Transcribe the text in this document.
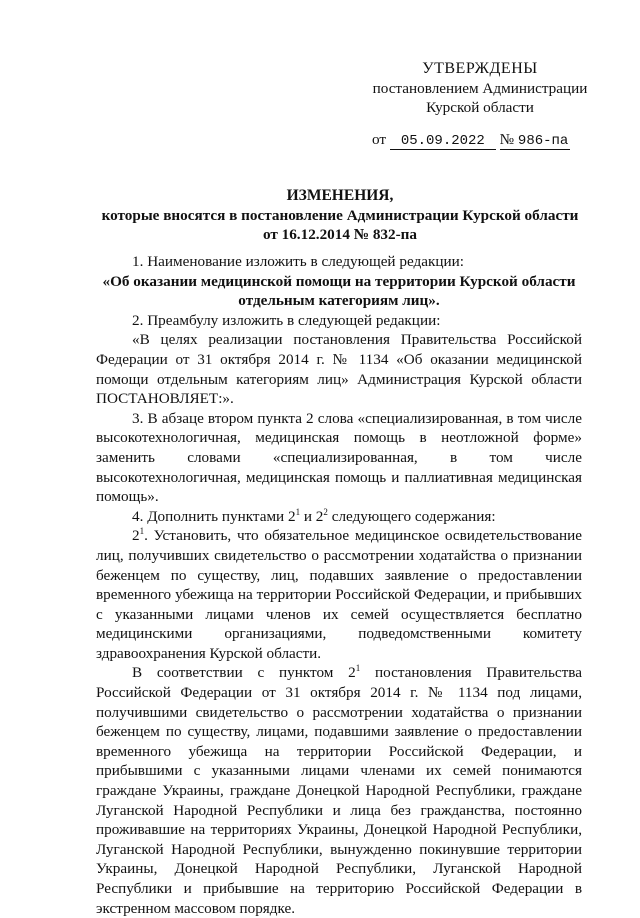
УТВЕРЖДЕНЫ
постановлением Администрации
Курской области
от 05.09.2022 № 986-па
ИЗМЕНЕНИЯ,
которые вносятся в постановление Администрации Курской области
от 16.12.2014 № 832-па

1. Наименование изложить в следующей редакции:

«Об оказании медицинской помощи на территории Курской области

отдельным категориям лиц».

2. Преамбулу изложить в следующей редакции:

«В целях реализации постановления Правительства Российской Федерации от 31 октября 2014 г. № 1134 «Об оказании медицинской помощи отдельным категориям лиц» Администрация Курской области ПОСТАНОВЛЯЕТ:».

3. В абзаце втором пункта 2 слова «специализированная, в том числе высокотехнологичная, медицинская помощь в неотложной форме» заменить словами «специализированная, в том числе высокотехнологичная, медицинская помощь и паллиативная медицинская помощь».

4. Дополнить пунктами $2^1$ и $2^2$ следующего содержания:

$2^1$. Установить, что обязательное медицинское освидетельствование лиц, получивших свидетельство о рассмотрении ходатайства о признании беженцем по существу, лиц, подавших заявление о предоставлении временного убежища на территории Российской Федерации, и прибывших с указанными лицами членов их семей осуществляется бесплатно медицинскими организациями, подведомственными комитету здравоохранения Курской области.

В соответствии с пунктом $2^1$ постановления Правительства Российской Федерации от 31 октября 2014 г. № 1134 под лицами, получившими свидетельство о рассмотрении ходатайства о признании беженцем по существу, лицами, подавшими заявление о предоставлении временного убежища на территории Российской Федерации, и прибывшими с указанными лицами членами их семей понимаются граждане Украины, граждане Донецкой Народной Республики, граждане Луганской Народной Республики и лица без гражданства, постоянно проживавшие на территориях Украины, Донецкой Народной Республики, Луганской Народной Республики, вынужденно покинувшие территории Украины, Донецкой Народной Республики, Луганской Народной Республики и прибывшие на территорию Российской Федерации в экстренном массовом порядке.
